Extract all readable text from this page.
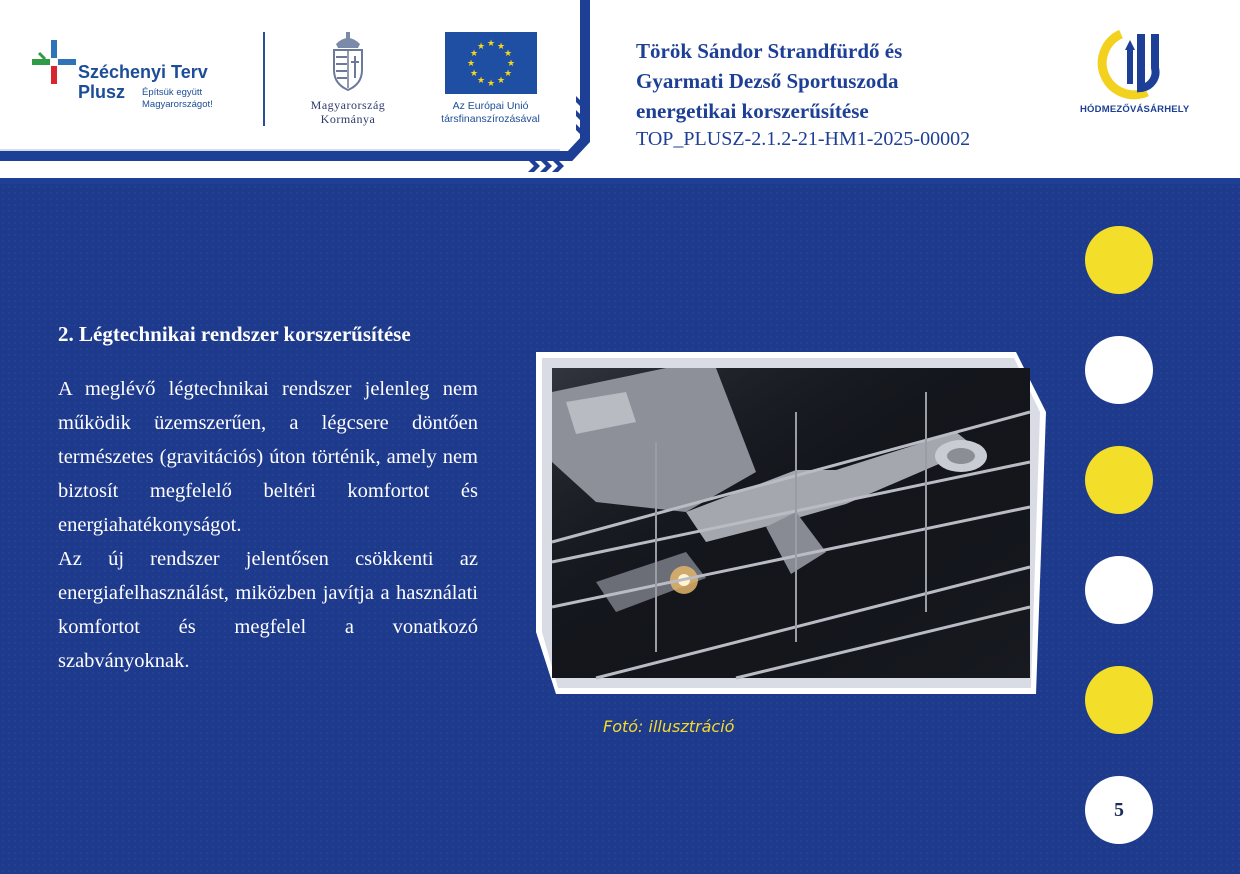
Széchenyi Terv
Plusz	Építsük együtt
Magyarországot!	Magyarország
Kormánya
★ ★
★
★
★
★
★
★
★
★
★
★
Az Európai Unió
társfinanszírozásával
Török Sándor Strandfürdő és
Gyarmati Dezső Sportuszoda
energetikai korszerűsítése
TOP_PLUSZ-2.1.2-21-HM1-2025-00002
HÓDMEZŐVÁSÁRHELY
2. Légtechnikai rendszer korszerűsítése

A meglévő légtechnikai rendszer jelenleg nem működik üzemszerűen, a légcsere döntően természetes (gravitációs) úton történik, amely nem biztosít megfelelő beltéri komfortot és energiahatékonyságot.

Az új rendszer jelentősen csökkenti az energiafelhasználást, miközben javítja a használati komfortot és megfelel a vonatkozó szabványoknak.

Fotó: illusztráció
5
